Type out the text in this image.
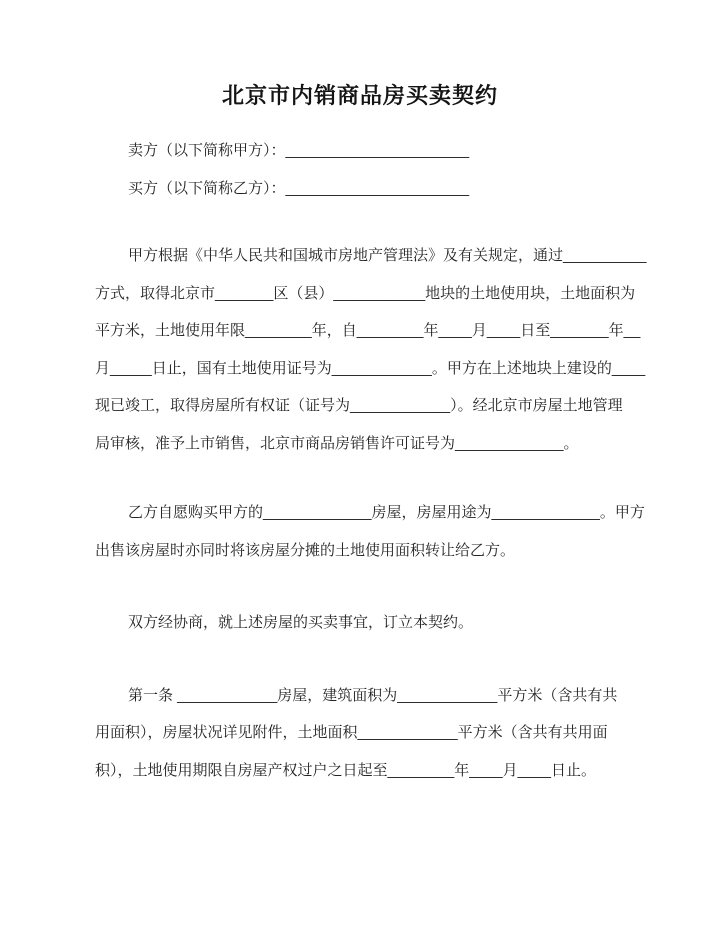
北京市内销商品房买卖契约
卖方（以下简称甲方）：______________________
买方（以下简称乙方）：______________________
甲方根据《中华人民共和国城市房地产管理法》及有关规定，通过__________
方式，取得北京市_______区（县）___________地块的土地使用块，土地面积为
平方米，土地使用年限________年，自________年____月____日至_______年__
月_____日止，国有土地使用证号为____________。甲方在上述地块上建设的____
现已竣工，取得房屋所有权证（证号为____________）。经北京市房屋土地管理
局审核，准予上市销售，北京市商品房销售许可证号为_____________。
乙方自愿购买甲方的_____________房屋，房屋用途为_____________。甲方
出售该房屋时亦同时将该房屋分摊的土地使用面积转让给乙方。
双方经协商，就上述房屋的买卖事宜，订立本契约。
第一条 ____________房屋，建筑面积为____________平方米（含共有共
用面积），房屋状况详见附件，土地面积____________平方米（含共有共用面
积），土地使用期限自房屋产权过户之日起至________年____月____日止。
